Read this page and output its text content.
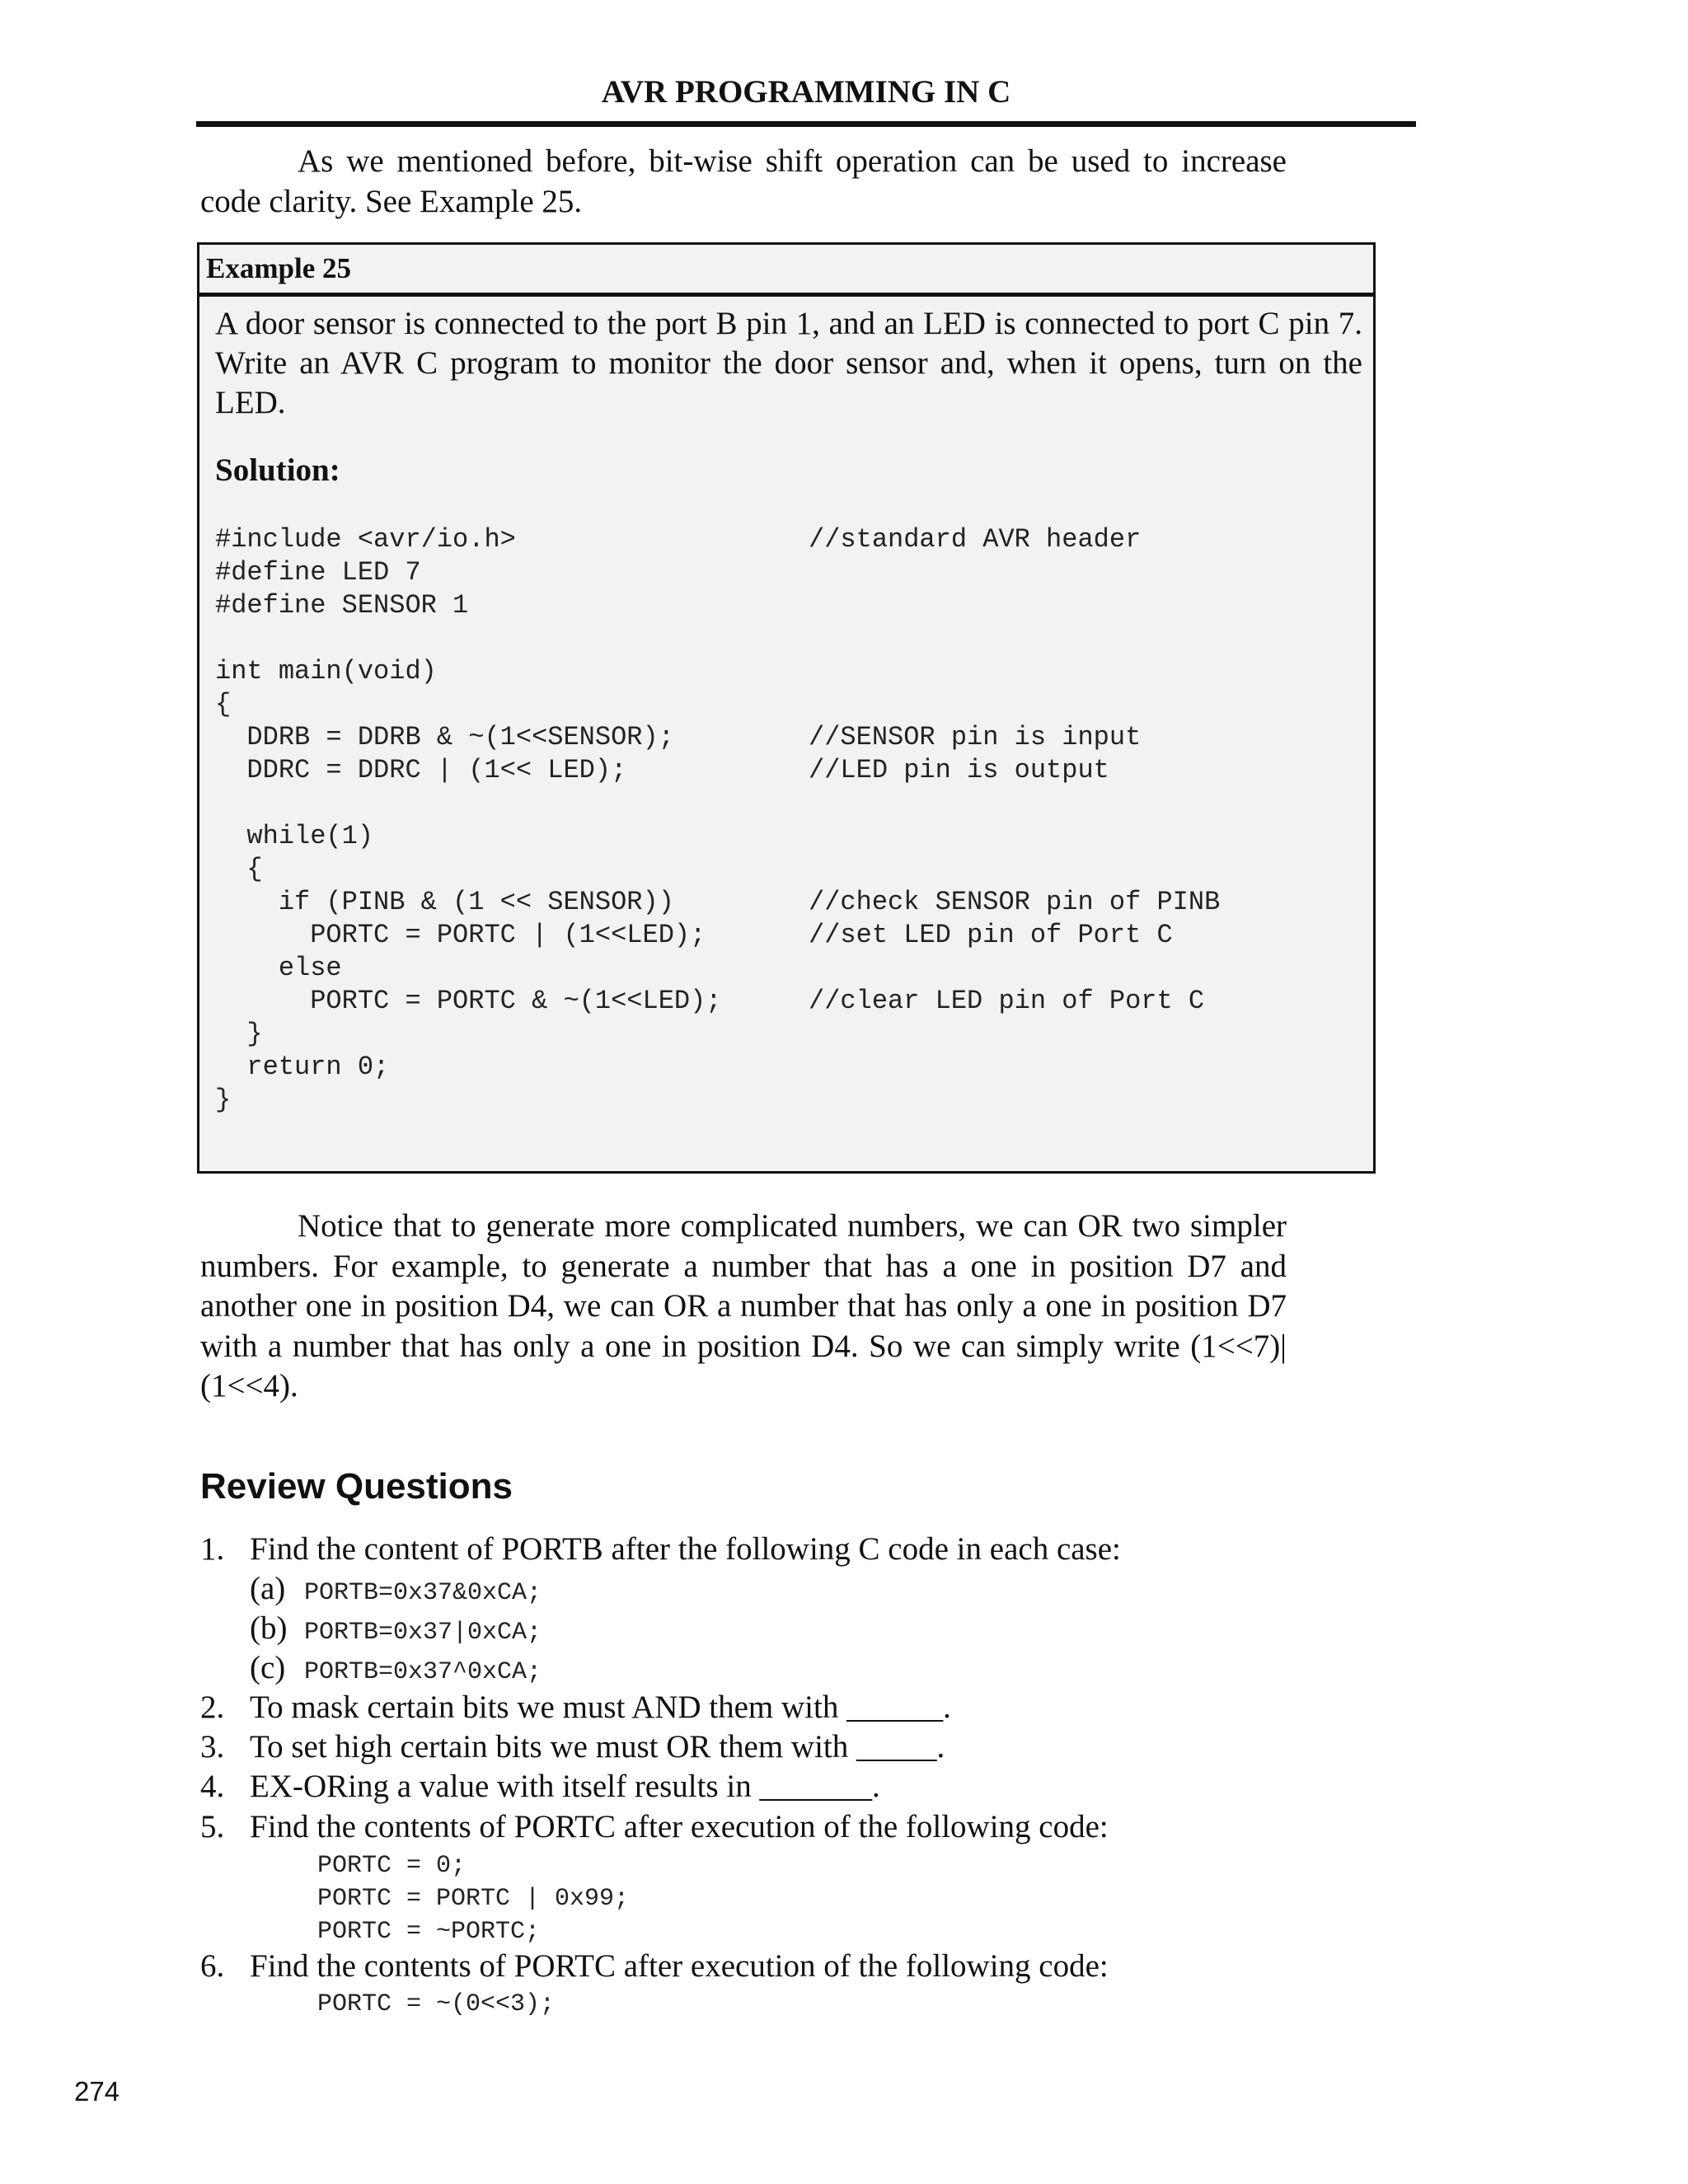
AVR PROGRAMMING IN C

As we mentioned before, bit-wise shift operation can be used to increase code clarity. See Example 25.

Example 25

A door sensor is connected to the port B pin 1, and an LED is connected to port C pin 7. Write an AVR C program to monitor the door sensor and, when it opens, turn on the LED.

Solution:
#include <avr/io.h>	//standard AVR header
#define LED 7
#define SENSOR 1
int main(void)
{
DDRB = DDRB & ~(1<<SENSOR);	//SENSOR pin is input
DDRC = DDRC | (1<< LED);	//LED pin is output
while(1)
{
if (PINB & (1 << SENSOR))	//check SENSOR pin of PINB
PORTC = PORTC | (1<<LED);	//set LED pin of Port C
else
PORTC = PORTC & ~(1<<LED);	//clear LED pin of Port C
}
return 0;
}

Notice that to generate more complicated numbers, we can OR two simpler numbers. For example, to generate a number that has a one in position D7 and another one in position D4, we can OR a number that has only a one in position D7 with a number that has only a one in position D4. So we can simply write (1<<7)|(1<<4).

Review Questions
1. Find the content of PORTB after the following C code in each case:
(a) PORTB=0x37&0xCA;
(b) PORTB=0x37|0xCA;
(c) PORTB=0x37^0xCA;
2. To mask certain bits we must AND them with ______.
3. To set high certain bits we must OR them with _____.
4. EX-ORing a value with itself results in _______.
5. Find the contents of PORTC after execution of the following code:
PORTC = 0;
PORTC = PORTC | 0x99;
PORTC = ~PORTC;
6. Find the contents of PORTC after execution of the following code:
PORTC = ~(0<<3);
274
